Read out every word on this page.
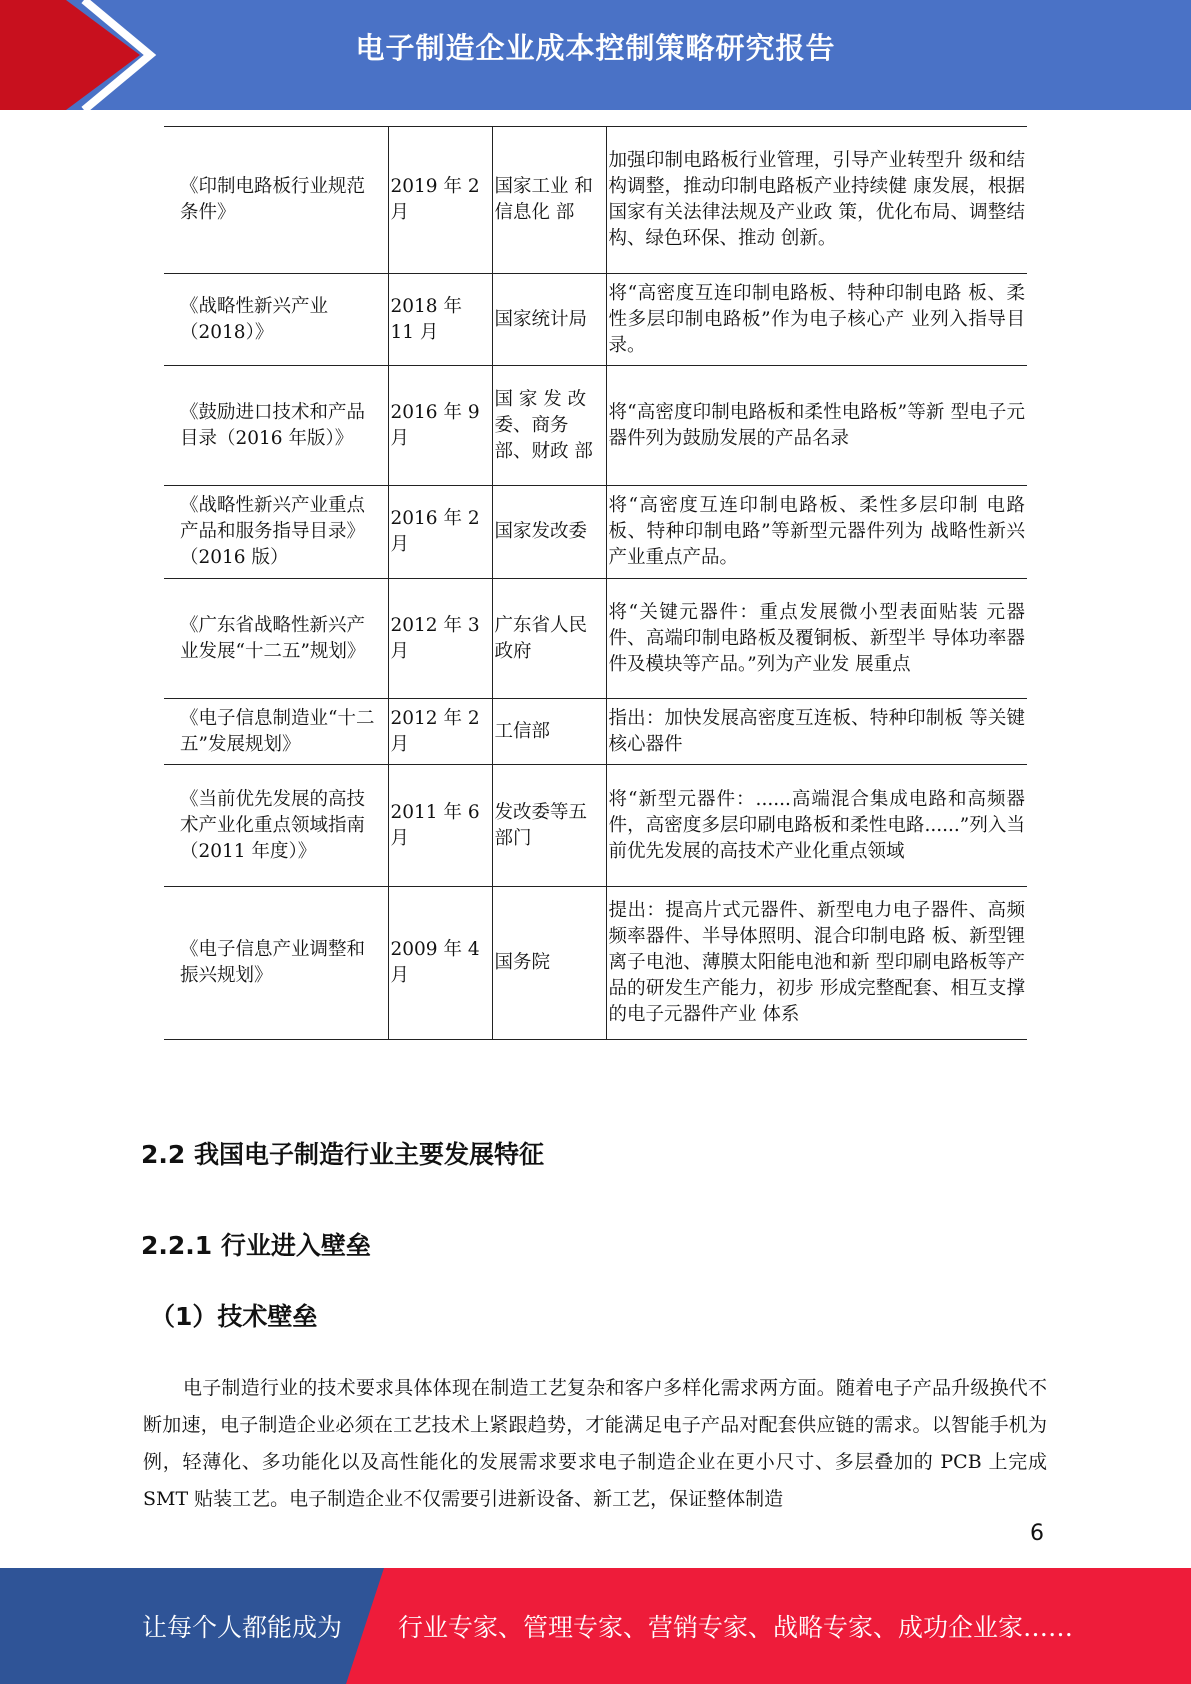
电子制造企业成本控制策略研究报告
《印制电路板行业规范条件》	2019 年 2 月	国家工业 和信息化 部	加强印制电路板行业管理，引导产业转型升 级和结构调整，推动印制电路板产业持续健 康发展，根据国家有关法律法规及产业政 策，优化布局、调整结构、绿色环保、推动 创新。
《战略性新兴产业（2018）》	2018 年 11 月	国家统计局	将“高密度互连印制电路板、特种印制电路 板、柔性多层印制电路板”作为电子核心产 业列入指导目录。
《鼓励进口技术和产品目录（2016 年版）》	2016 年 9 月	国 家 发 改委、商务 部、财政 部	将“高密度印制电路板和柔性电路板”等新 型电子元器件列为鼓励发展的产品名录
《战略性新兴产业重点产品和服务指导目录》（2016 版）	2016 年 2 月	国家发改委	将“高密度互连印制电路板、柔性多层印制 电路板、特种印制电路”等新型元器件列为 战略性新兴产业重点产品。
《广东省战略性新兴产业发展“十二五”规划》	2012 年 3 月	广东省人民政府	将“关键元器件：重点发展微小型表面贴装 元器件、高端印制电路板及覆铜板、新型半 导体功率器件及模块等产品。”列为产业发 展重点
《电子信息制造业“十二五”发展规划》	2012 年 2 月	工信部	指出：加快发展高密度互连板、特种印制板 等关键核心器件
《当前优先发展的高技术产业化重点领域指南（2011 年度）》	2011 年 6 月	发改委等五部门	将“新型元器件：......高端混合集成电路和高频器件，高密度多层印刷电路板和柔性电路......”列入当前优先发展的高技术产业化重点领域
《电子信息产业调整和振兴规划》	2009 年 4 月	国务院	提出：提高片式元器件、新型电力电子器件、高频频率器件、半导体照明、混合印制电路 板、新型锂离子电池、薄膜太阳能电池和新 型印刷电路板等产品的研发生产能力，初步 形成完整配套、相互支撑的电子元器件产业 体系
2.2 我国电子制造行业主要发展特征
2.2.1 行业进入壁垒
（1）技术壁垒

电子制造行业的技术要求具体体现在制造工艺复杂和客户多样化需求两方面。随着电子产品升级换代不断加速，电子制造企业必须在工艺技术上紧跟趋势，才能满足电子产品对配套供应链的需求。以智能手机为例，轻薄化、多功能化以及高性能化的发展需求要求电子制造企业在更小尺寸、多层叠加的 PCB 上完成 SMT 贴装工艺。电子制造企业不仅需要引进新设备、新工艺，保证整体制造

6
让每个人都能成为 行业专家、管理专家、营销专家、战略专家、成功企业家……
